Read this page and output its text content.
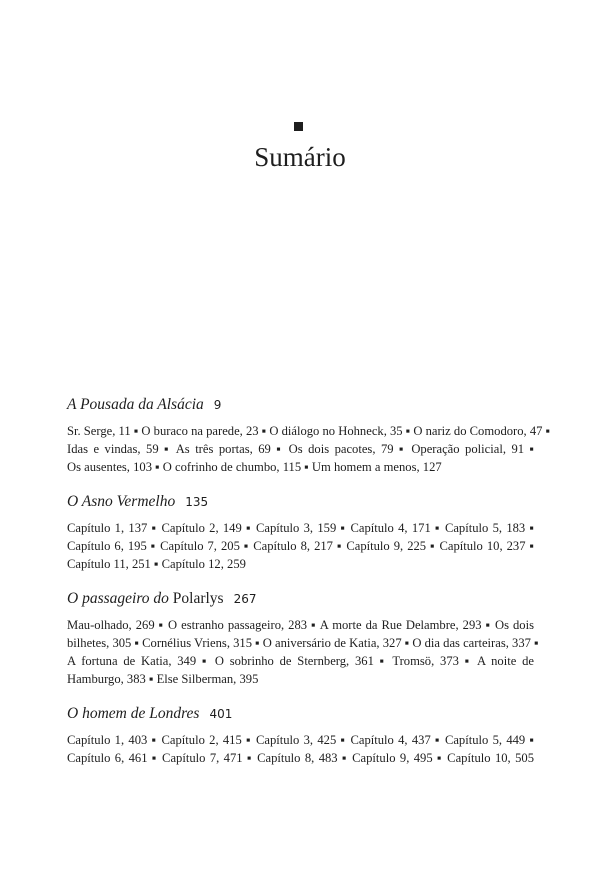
Sumário
A Pousada da Alsácia 9
Sr. Serge, 11 ▪ O buraco na parede, 23 ▪ O diálogo no Hohneck, 35 ▪ O nariz do Comodoro, 47 ▪
Idas e vindas, 59 ▪ As três portas, 69 ▪ Os dois pacotes, 79 ▪ Operação policial, 91 ▪
Os ausentes, 103 ▪ O cofrinho de chumbo, 115 ▪ Um homem a menos, 127
O Asno Vermelho 135
Capítulo 1, 137 ▪ Capítulo 2, 149 ▪ Capítulo 3, 159 ▪ Capítulo 4, 171 ▪ Capítulo 5, 183 ▪
Capítulo 6, 195 ▪ Capítulo 7, 205 ▪ Capítulo 8, 217 ▪ Capítulo 9, 225 ▪ Capítulo 10, 237 ▪
Capítulo 11, 251 ▪ Capítulo 12, 259
O passageiro do Polarlys 267
Mau-olhado, 269 ▪ O estranho passageiro, 283 ▪ A morte da Rue Delambre, 293 ▪ Os dois
bilhetes, 305 ▪ Cornélius Vriens, 315 ▪ O aniversário de Katia, 327 ▪ O dia das carteiras, 337 ▪
A fortuna de Katia, 349 ▪ O sobrinho de Sternberg, 361 ▪ Tromsö, 373 ▪ A noite de
Hamburgo, 383 ▪ Else Silberman, 395
O homem de Londres 401
Capítulo 1, 403 ▪ Capítulo 2, 415 ▪ Capítulo 3, 425 ▪ Capítulo 4, 437 ▪ Capítulo 5, 449 ▪
Capítulo 6, 461 ▪ Capítulo 7, 471 ▪ Capítulo 8, 483 ▪ Capítulo 9, 495 ▪ Capítulo 10, 505
